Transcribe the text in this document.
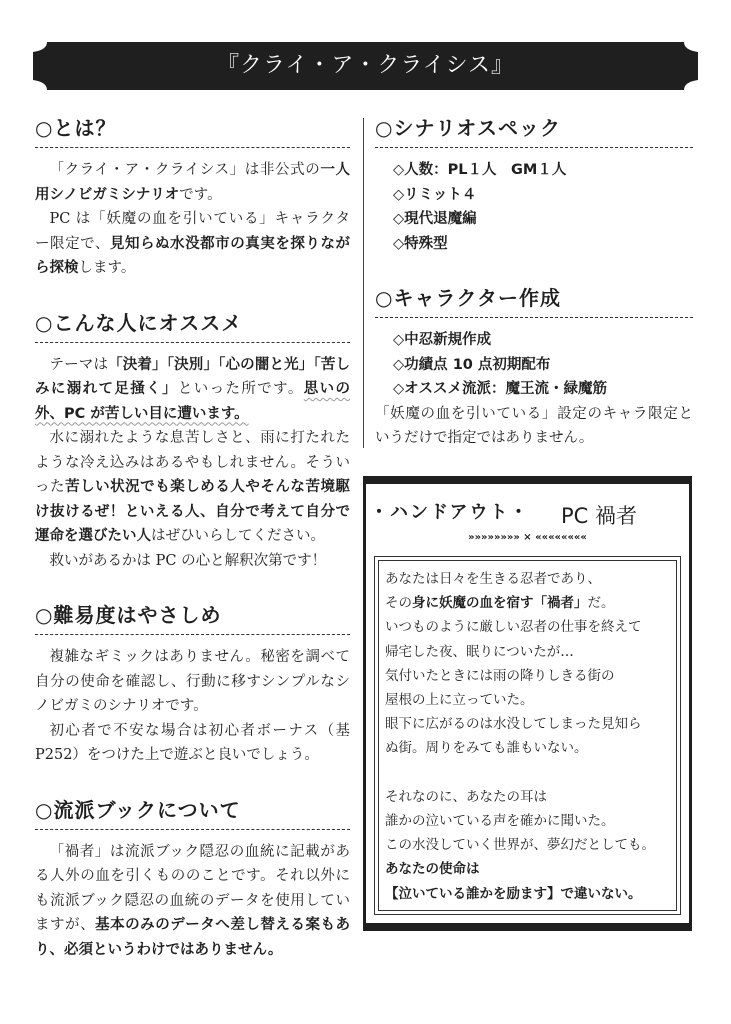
『クライ・ア・クライシス』
○とは？

「クライ・ア・クライシス」は非公式の一人用シノビガミシナリオです。

PC は「妖魔の血を引いている」キャラクター限定で、見知らぬ水没都市の真実を探りながら探検します。

○こんな人にオススメ

テーマは「決着」「決別」「心の闇と光」「苦しみに溺れて足掻く」といった所です。思いの外、PC が苦しい目に遭います。

水に溺れたような息苦しさと、雨に打たれたような冷え込みはあるやもしれません。そういった苦しい状況でも楽しめる人やそんな苦境駆け抜けるぜ！といえる人、自分で考えて自分で運命を選びたい人はぜひいらしてください。

救いがあるかは PC の心と解釈次第です！

○難易度はやさしめ

複雑なギミックはありません。秘密を調べて自分の使命を確認し、行動に移すシンプルなシノビガミのシナリオです。

初心者で不安な場合は初心者ボーナス（基 P252）をつけた上で遊ぶと良いでしょう。

○流派ブックについて

「禍者」は流派ブック隠忍の血統に記載がある人外の血を引くもののことです。それ以外にも流派ブック隠忍の血統のデータを使用していますが、基本のみのデータへ差し替える案もあり、必須というわけではありません。

○シナリオスペック

◇人数：PL１人　GM１人

◇リミット４

◇現代退魔編

◇特殊型

○キャラクター作成

◇中忍新規作成

◇功績点 10 点初期配布

◇オススメ流派：魔王流・緑魔筋

「妖魔の血を引いている」設定のキャラ限定というだけで指定ではありません。

・ハンドアウト・ PC 禍者
»»»»»»»» × ««««««««
あなたは日々を生きる忍者であり、
その身に妖魔の血を宿す「禍者」だ。
いつものように厳しい忍者の仕事を終えて
帰宅した夜、眠りについたが…
気付いたときには雨の降りしきる街の
屋根の上に立っていた。
眼下に広がるのは水没してしまった見知ら
ぬ街。周りをみても誰もいない。
それなのに、あなたの耳は
誰かの泣いている声を確かに聞いた。
この水没していく世界が、夢幻だとしても。
あなたの使命は
【泣いている誰かを励ます】で違いない。
